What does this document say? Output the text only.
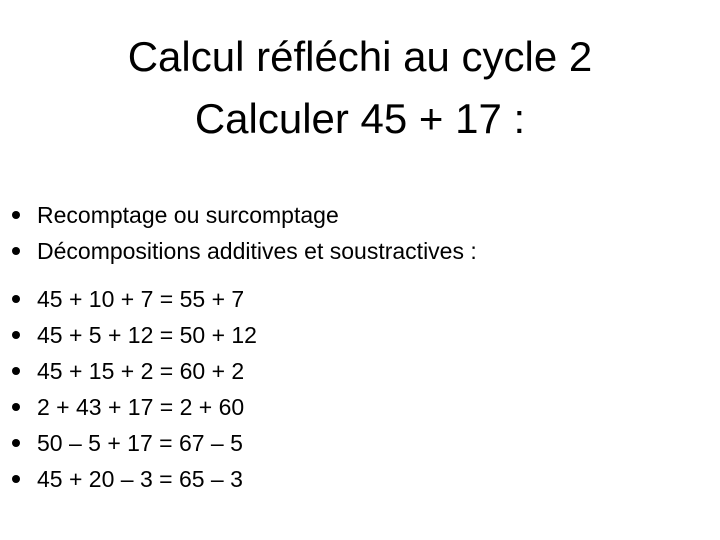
Calcul réfléchi au cycle 2
Calculer 45 + 17 :
Recomptage ou surcomptage
Décompositions additives et soustractives :
45 + 10 + 7 = 55 + 7
45 + 5 + 12 = 50 + 12
45 + 15 + 2 = 60 + 2
2 + 43 + 17 = 2 + 60
50 – 5 + 17 = 67 – 5
45 + 20 – 3 = 65 – 3
